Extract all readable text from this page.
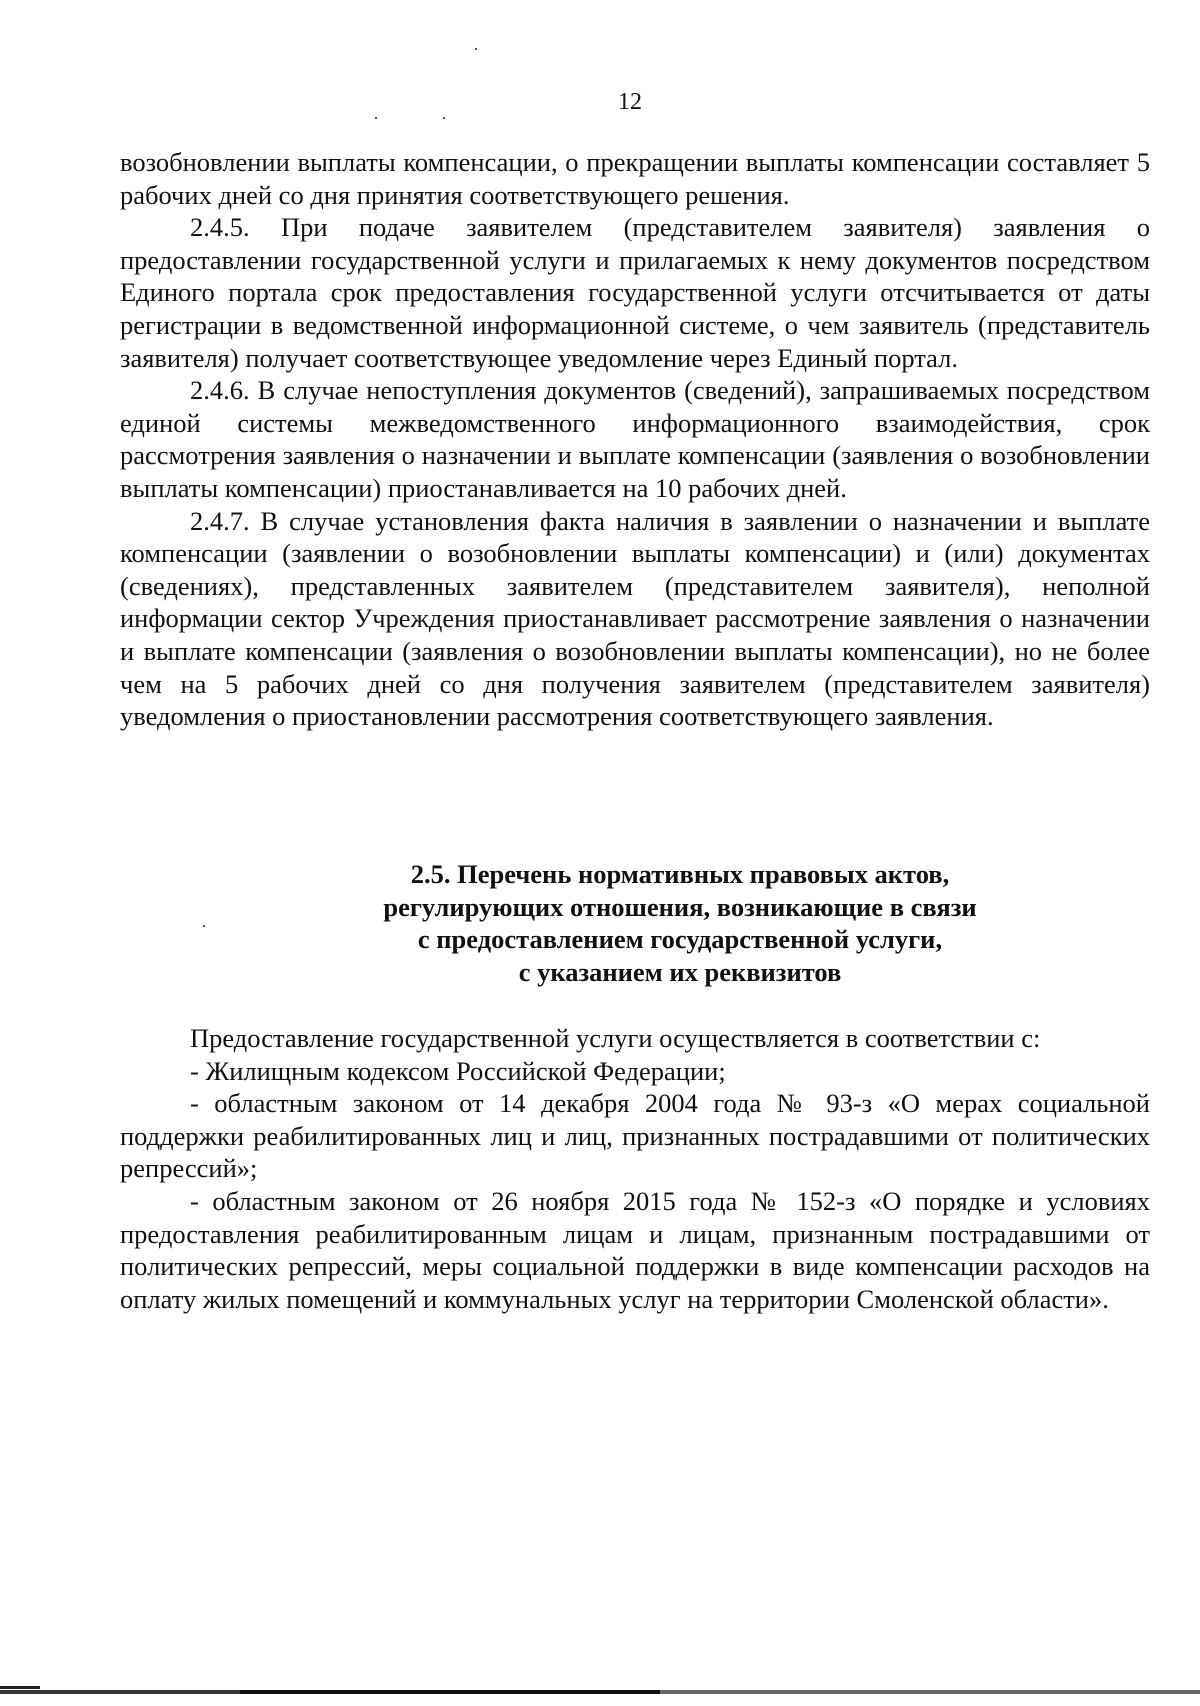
12

возобновлении выплаты компенсации, о прекращении выплаты компенсации составляет 5 рабочих дней со дня принятия соответствующего решения.

2.4.5. При подаче заявителем (представителем заявителя) заявления о предоставлении государственной услуги и прилагаемых к нему документов посредством Единого портала срок предоставления государственной услуги отсчитывается от даты регистрации в ведомственной информационной системе, о чем заявитель (представитель заявителя) получает соответствующее уведомление через Единый портал.

2.4.6. В случае непоступления документов (сведений), запрашиваемых посредством единой системы межведомственного информационного взаимодействия, срок рассмотрения заявления о назначении и выплате компенсации (заявления о возобновлении выплаты компенсации) приостанавливается на 10 рабочих дней.

2.4.7. В случае установления факта наличия в заявлении о назначении и выплате компенсации (заявлении о возобновлении выплаты компенсации) и (или) документах (сведениях), представленных заявителем (представителем заявителя), неполной информации сектор Учреждения приостанавливает рассмотрение заявления о назначении и выплате компенсации (заявления о возобновлении выплаты компенсации), но не более чем на 5 рабочих дней со дня получения заявителем (представителем заявителя) уведомления о приостановлении рассмотрения соответствующего заявления.

2.5. Перечень нормативных правовых актов,
регулирующих отношения, возникающие в связи
с предоставлением государственной услуги,
с указанием их реквизитов

Предоставление государственной услуги осуществляется в соответствии с:

- Жилищным кодексом Российской Федерации;

- областным законом от 14 декабря 2004 года № 93-з «О мерах социальной поддержки реабилитированных лиц и лиц, признанных пострадавшими от политических репрессий»;

- областным законом от 26 ноября 2015 года № 152-з «О порядке и условиях предоставления реабилитированным лицам и лицам, признанным пострадавшими от политических репрессий, меры социальной поддержки в виде компенсации расходов на оплату жилых помещений и коммунальных услуг на территории Смоленской области».
